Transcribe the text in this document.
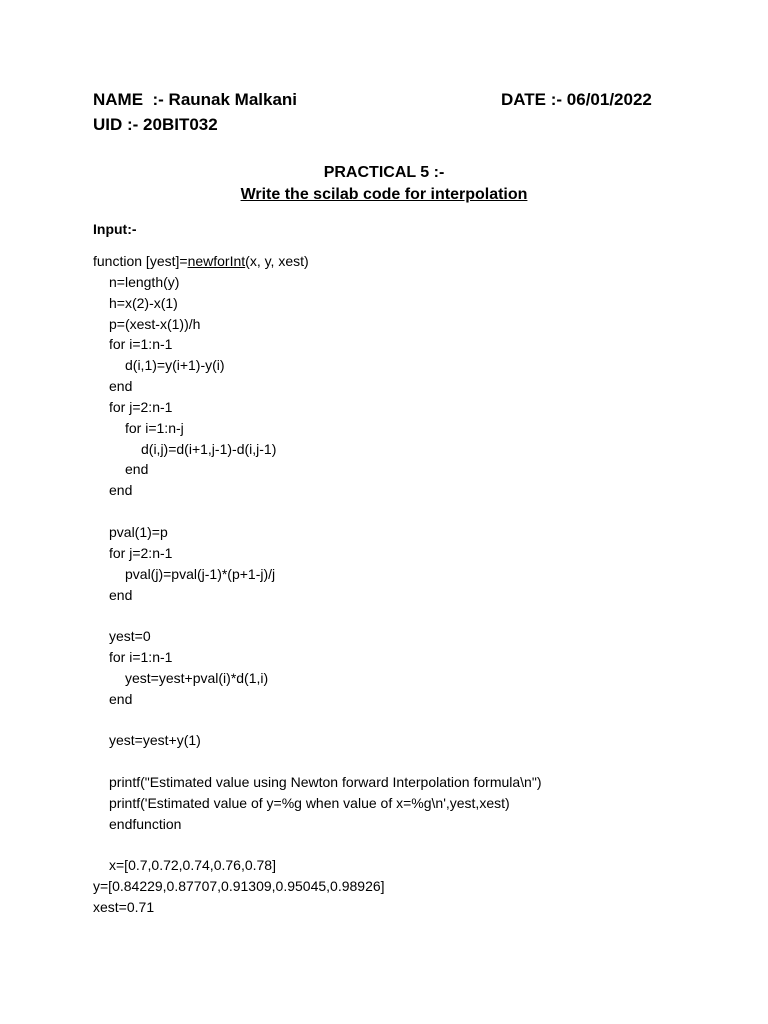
NAME  :- Raunak Malkani	DATE :- 06/01/2022
UID :- 20BIT032
PRACTICAL 5 :-
Write the scilab code for interpolation
Input:-
function [yest]=newforInt(x, y, xest)
n=length(y)
h=x(2)-x(1)
p=(xest-x(1))/h
for i=1:n-1
d(i,1)=y(i+1)-y(i)
end
for j=2:n-1
for i=1:n-j
d(i,j)=d(i+1,j-1)-d(i,j-1)
end
end
pval(1)=p
for j=2:n-1
pval(j)=pval(j-1)*(p+1-j)/j
end
yest=0
for i=1:n-1
yest=yest+pval(i)*d(1,i)
end
yest=yest+y(1)
printf("Estimated value using Newton forward Interpolation formula\n")
printf('Estimated value of y=%g when value of x=%g\n',yest,xest)
endfunction
x=[0.7,0.72,0.74,0.76,0.78]
y=[0.84229,0.87707,0.91309,0.95045,0.98926]
xest=0.71
